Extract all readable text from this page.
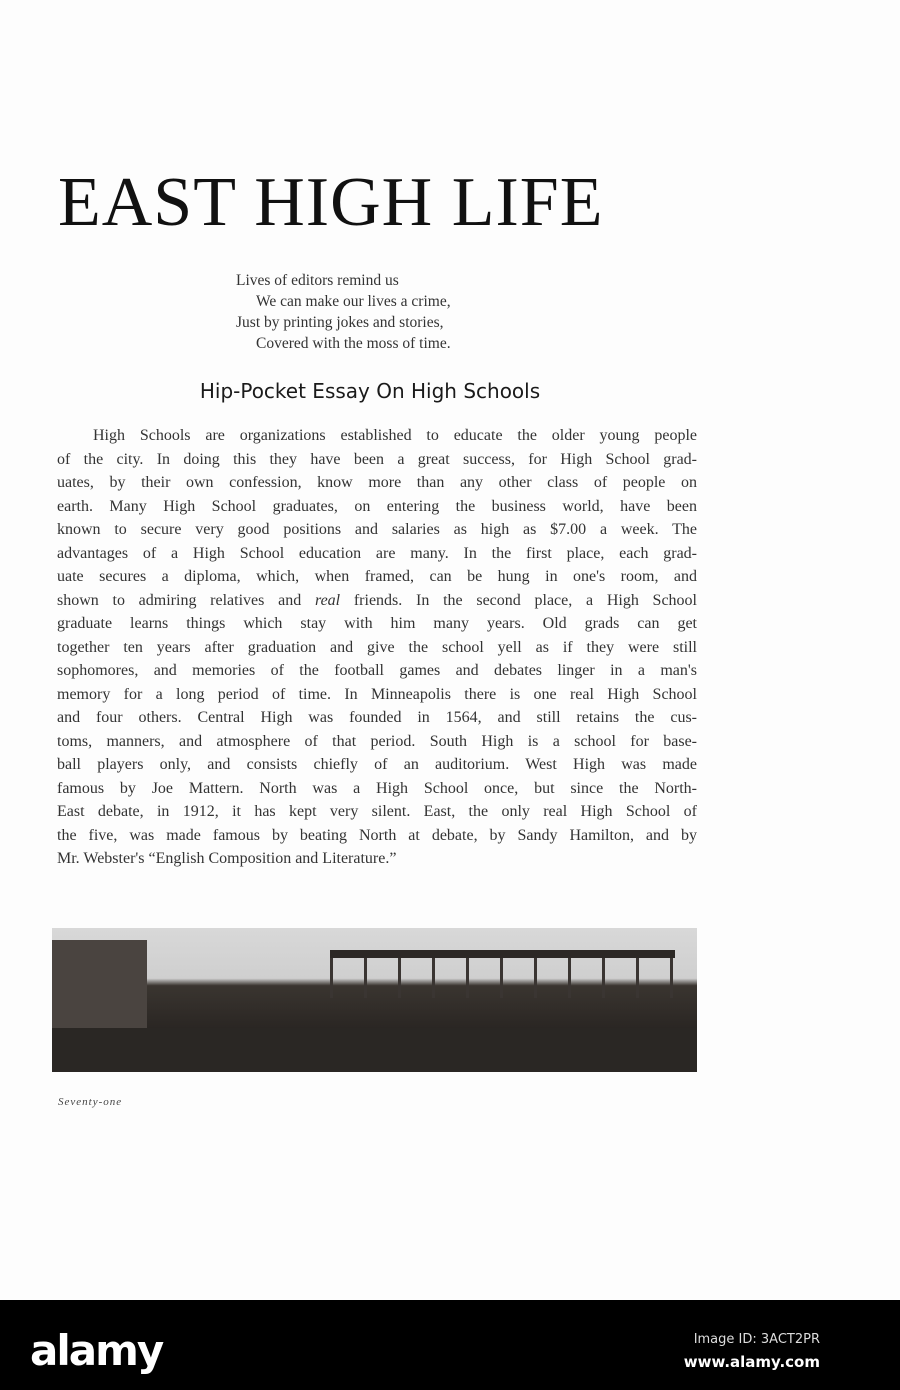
EAST HIGH LIFE
Lives of editors remind us
We can make our lives a crime,
Just by printing jokes and stories,
Covered with the moss of time.
Hip-Pocket Essay On High Schools
High Schools are organizations established to educate the older young people
of the city. In doing this they have been a great success, for High School grad-
uates, by their own confession, know more than any other class of people on
earth. Many High School graduates, on entering the business world, have been
known to secure very good positions and salaries as high as $7.00 a week. The
advantages of a High School education are many. In the first place, each grad-
uate secures a diploma, which, when framed, can be hung in one's room, and
shown to admiring relatives and real friends. In the second place, a High School
graduate learns things which stay with him many years. Old grads can get
together ten years after graduation and give the school yell as if they were still
sophomores, and memories of the football games and debates linger in a man's
memory for a long period of time. In Minneapolis there is one real High School
and four others. Central High was founded in 1564, and still retains the cus-
toms, manners, and atmosphere of that period. South High is a school for base-
ball players only, and consists chiefly of an auditorium. West High was made
famous by Joe Mattern. North was a High School once, but since the North-
East debate, in 1912, it has kept very silent. East, the only real High School of
the five, was made famous by beating North at debate, by Sandy Hamilton, and by
Mr. Webster's “English Composition and Literature.”
Seventy-one
alamy	Image ID: 3ACT2PR
www.alamy.com
